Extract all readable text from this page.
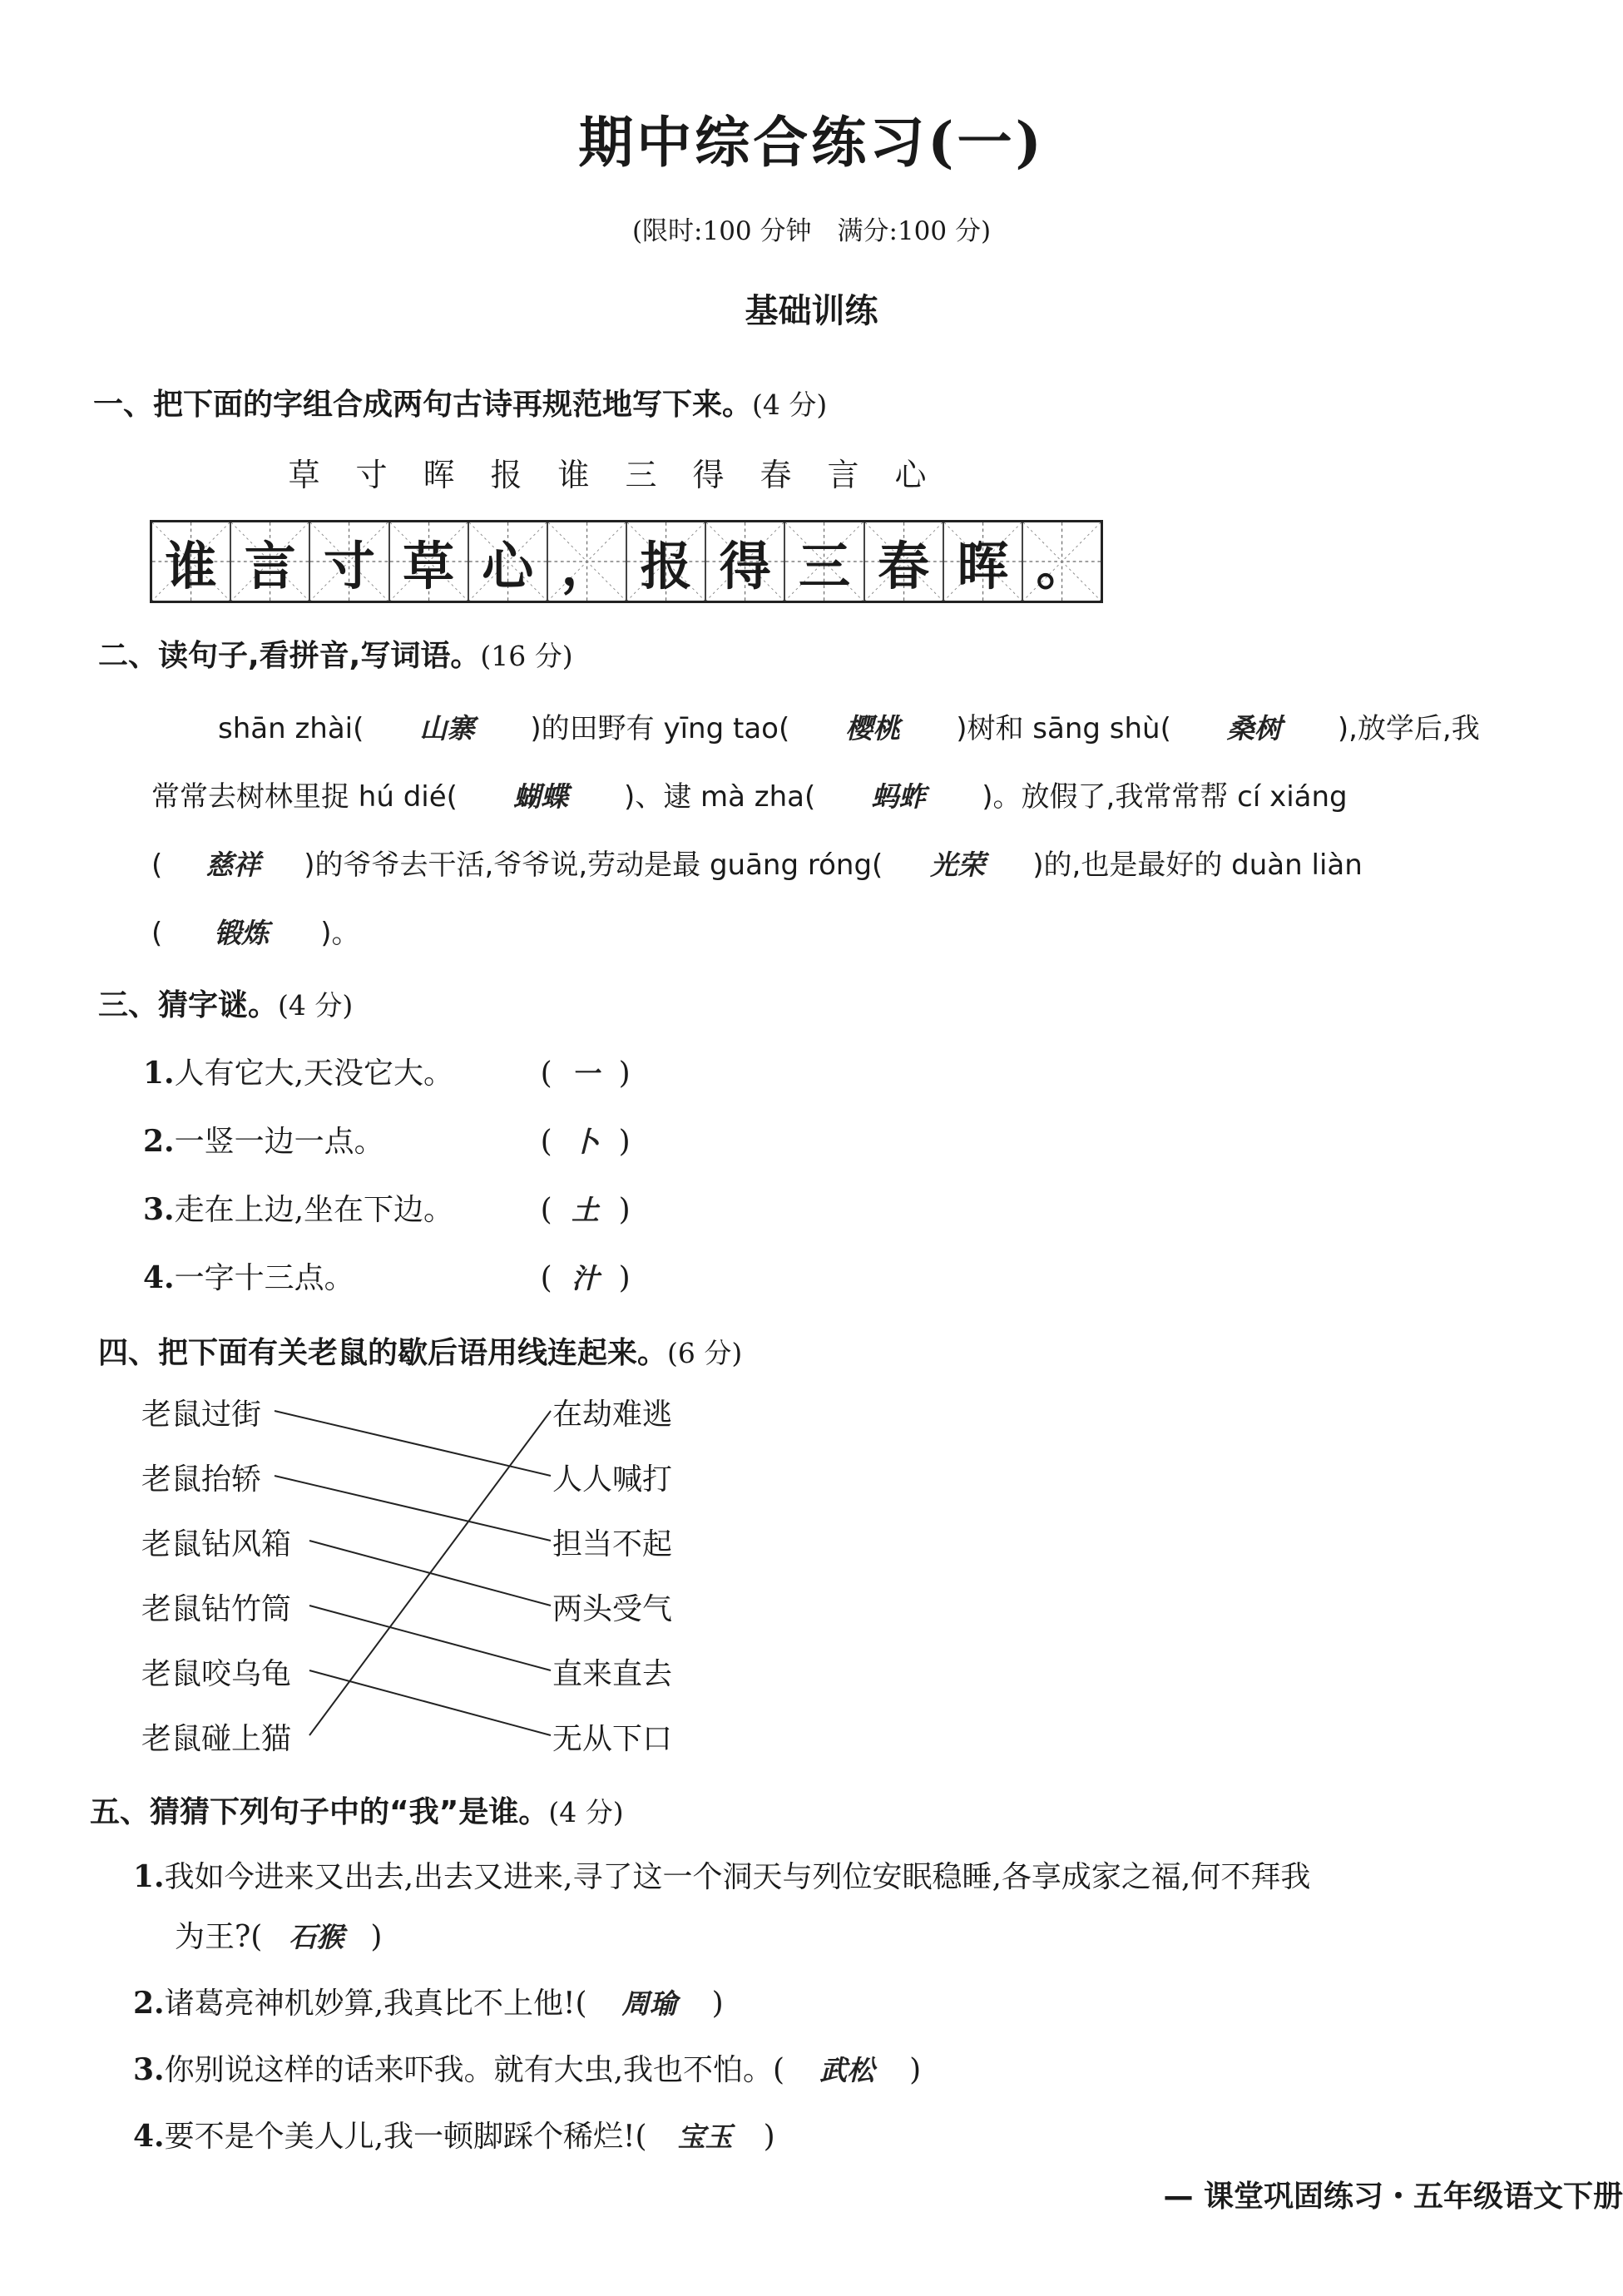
期中综合练习(一)
(限时:100 分钟　满分:100 分)
基础训练
一、把下面的字组合成两句古诗再规范地写下来。(4 分)
草 寸 晖 报 谁 三 得 春 言 心
谁 言 寸 草 心 ， 报 得 三 春 晖 。
二、读句子,看拼音,写词语。(16 分)
shān zhài( 山寨 )的田野有 yīng tao( 樱桃 )树和 sāng shù( 桑树 ),放学后,我
常常去树林里捉 hú dié( 蝴蝶 )、逮 mà zha( 蚂蚱 )。放假了,我常常帮 cí xiáng
( 慈祥 )的爷爷去干活,爷爷说,劳动是最 guāng róng( 光荣 )的,也是最好的 duàn liàn
( 锻炼 )。
三、猜字谜。(4 分)
1.人有它大,天没它大。	( 一 )
2.一竖一边一点。	( 卜 )
3.走在上边,坐在下边。	( 土 )
4.一字十三点。	( 汁 )
四、把下面有关老鼠的歇后语用线连起来。(6 分)
老鼠过街
老鼠抬轿
老鼠钻风箱
老鼠钻竹筒
老鼠咬乌龟
老鼠碰上猫
在劫难逃
人人喊打
担当不起
两头受气
直来直去
无从下口
五、猜猜下列句子中的“我”是谁。(4 分)
1.我如今进来又出去,出去又进来,寻了这一个洞天与列位安眠稳睡,各享成家之福,何不拜我
为王?( 石猴 )
2.诸葛亮神机妙算,我真比不上他!( 周瑜 )
3.你别说这样的话来吓我。就有大虫,我也不怕。( 武松 )
4.要不是个美人儿,我一顿脚踩个稀烂!( 宝玉 )
— 课堂巩固练习・五年级语文下册
